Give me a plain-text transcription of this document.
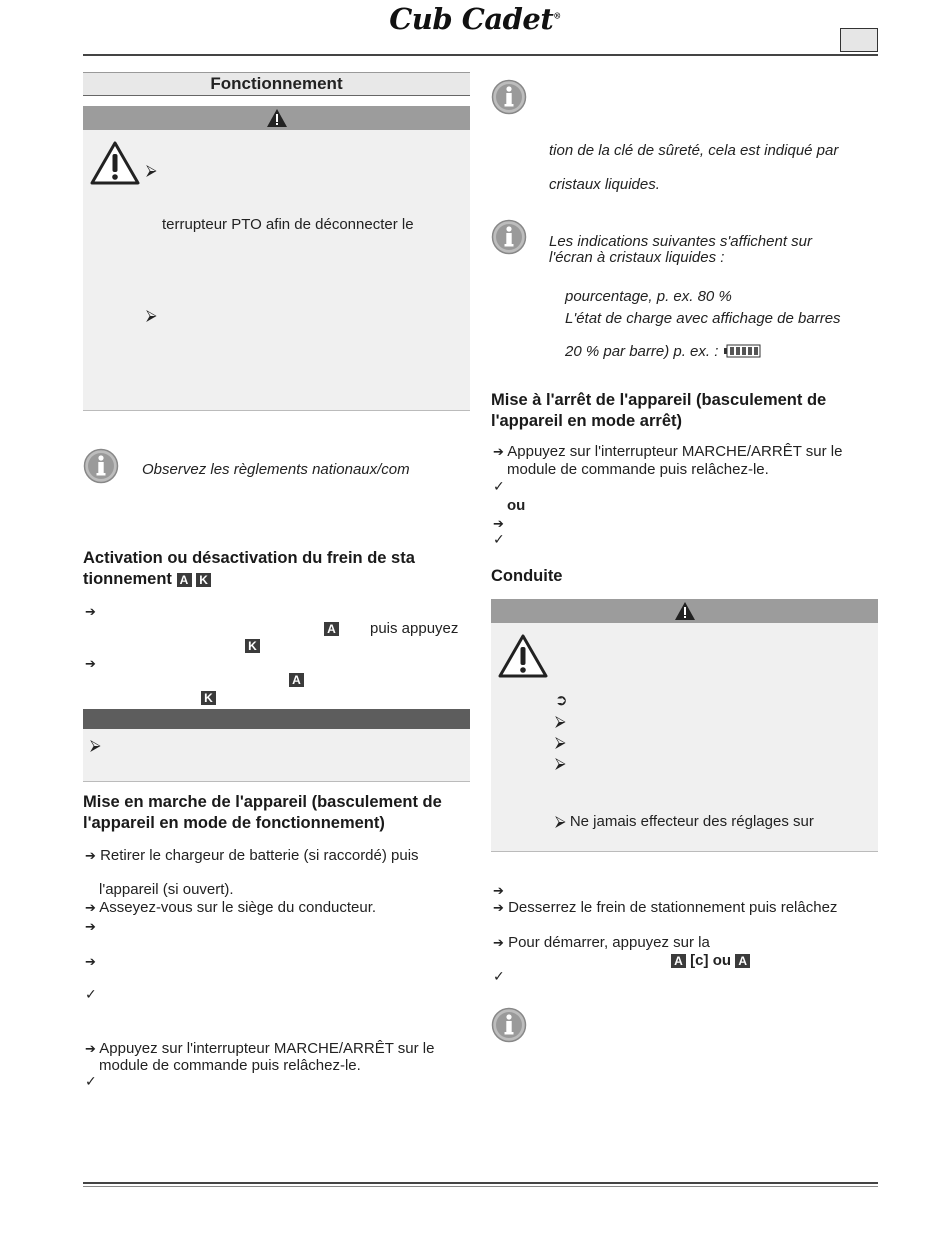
Cub Cadet®
Fonctionnement
⮚
terrupteur PTO afin de déconnecter le
⮚
Observez les règlements nationaux/com
Activation ou désactivation du frein de sta
tionnement A K
➔
A puis appuyez
K
➔
A
K
⮚
Mise en marche de l'appareil (basculement de
l'appareil en mode de fonctionnement)
➔ Retirer le chargeur de batterie (si raccordé) puis
l'appareil (si ouvert).
➔ Asseyez-vous sur le siège du conducteur.
➔
➔
✓
➔ Appuyez sur l'interrupteur MARCHE/ARRÊT sur le
module de commande puis relâchez-le.
✓
tion de la clé de sûreté, cela est indiqué par
cristaux liquides.
Les indications suivantes s'affichent sur
l'écran à cristaux liquides :
pourcentage, p. ex. 80 %
L'état de charge avec affichage de barres
20 % par barre) p. ex. :
Mise à l'arrêt de l'appareil (basculement de
l'appareil en mode arrêt)
➔ Appuyez sur l'interrupteur MARCHE/ARRÊT sur le
module de commande puis relâchez-le.
✓
ou
➔
✓
Conduite
➲
⮚
⮚
⮚
⮚ Ne jamais effecteur des réglages sur
➔
➔ Desserrez le frein de stationnement puis relâchez
➔ Pour démarrer, appuyez sur la
A [c] ou A
✓
